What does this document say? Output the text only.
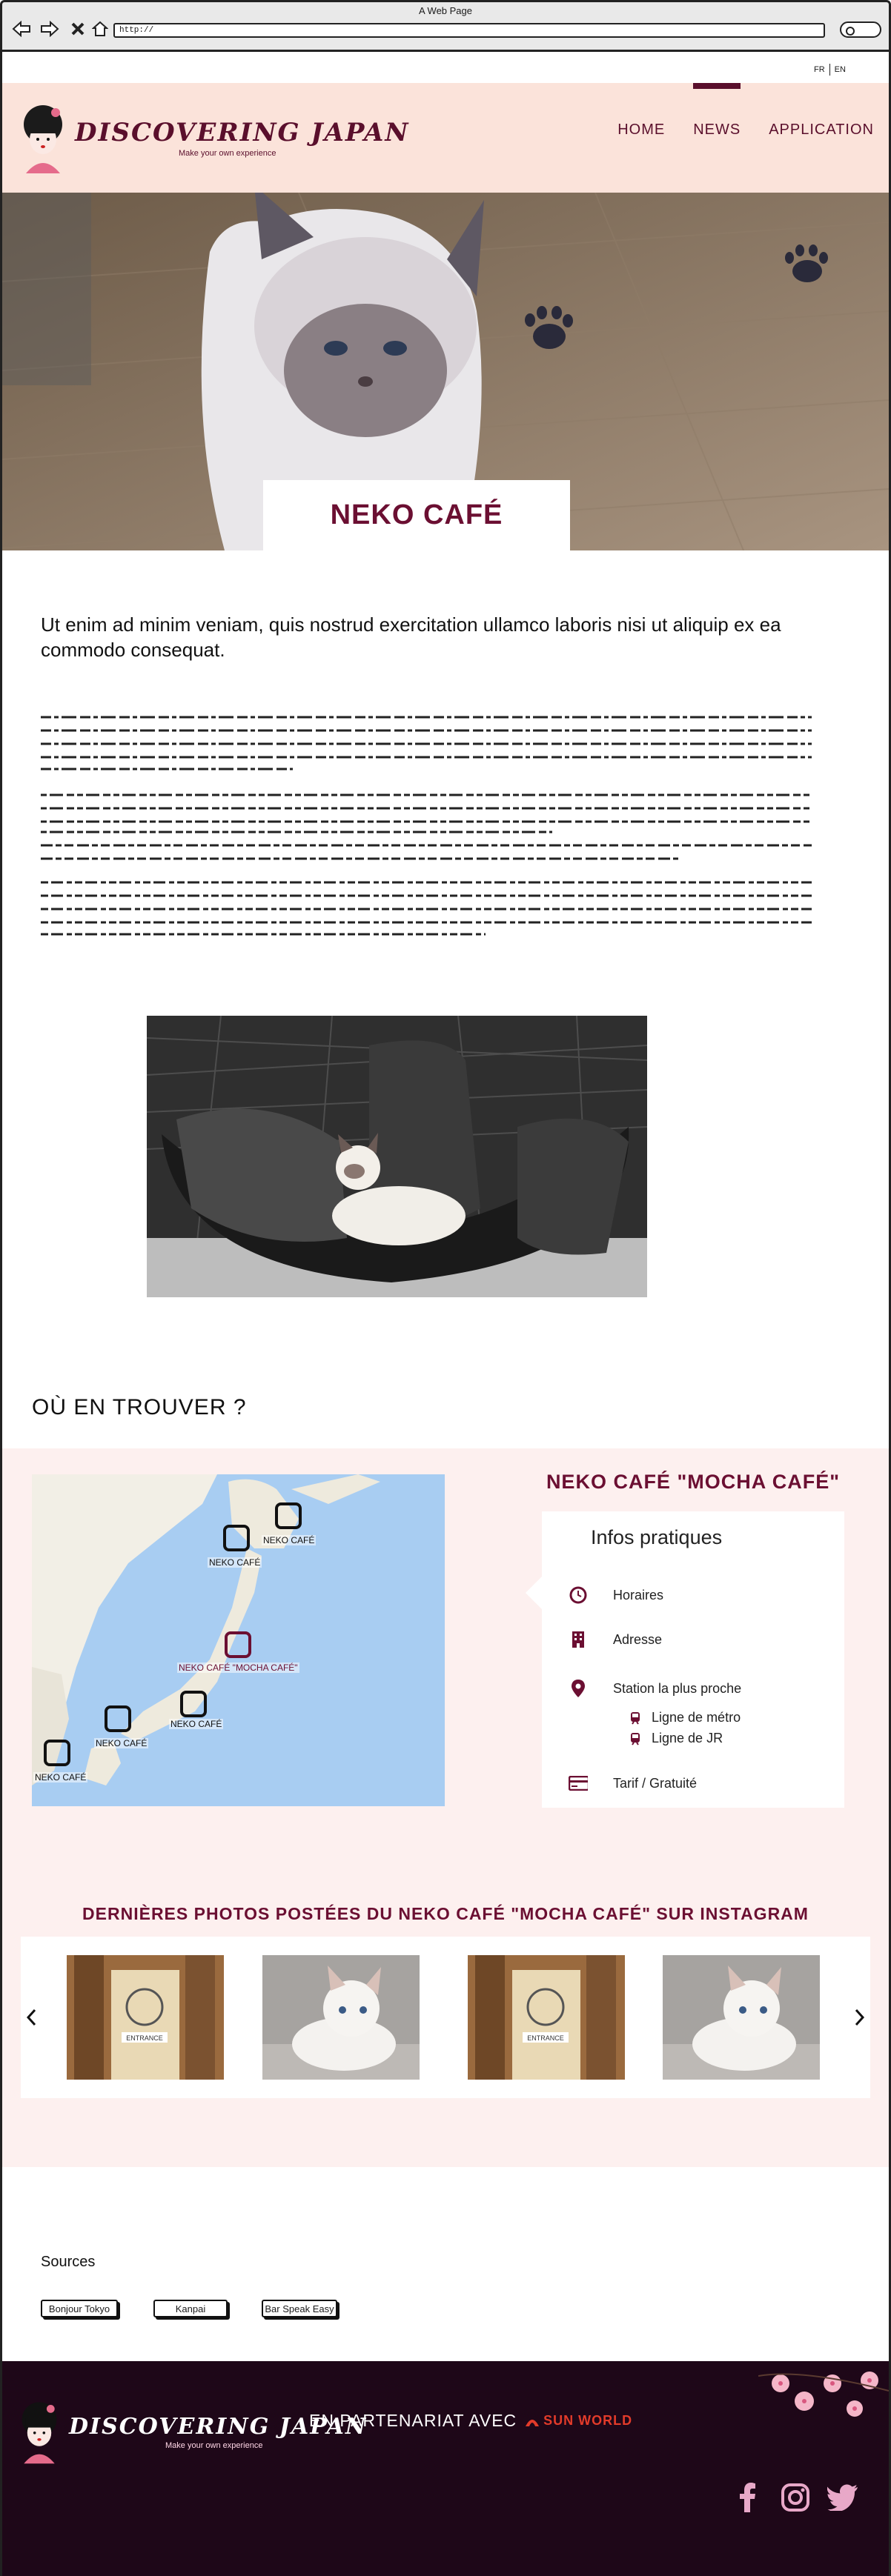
A Web Page
http://
FR EN
DISCOVERING JAPAN
Make your own experience
HOME NEWS APPLICATION
NEKO CAFÉ
Ut enim ad minim veniam, quis nostrud exercitation ullamco laboris nisi ut aliquip ex ea commodo consequat.
OÙ EN TROUVER ?
NEKO CAFÉ
NEKO CAFÉ
NEKO CAFÉ "MOCHA CAFÉ"
NEKO CAFÉ
NEKO CAFÉ
NEKO CAFÉ
NEKO CAFÉ "MOCHA CAFÉ"
Infos pratiques
Horaires
Adresse
Station la plus proche
Ligne de métro
Ligne de JR
Tarif / Gratuité
DERNIÈRES PHOTOS POSTÉES DU NEKO CAFÉ "MOCHA CAFÉ" SUR INSTAGRAM
ENTRANCE	ENTRANCE
Sources
Bonjour Tokyo	Kanpai	Bar Speak Easy
DISCOVERING JAPAN
Make your own experience
EN PARTENARIAT AVEC SUN WORLD
